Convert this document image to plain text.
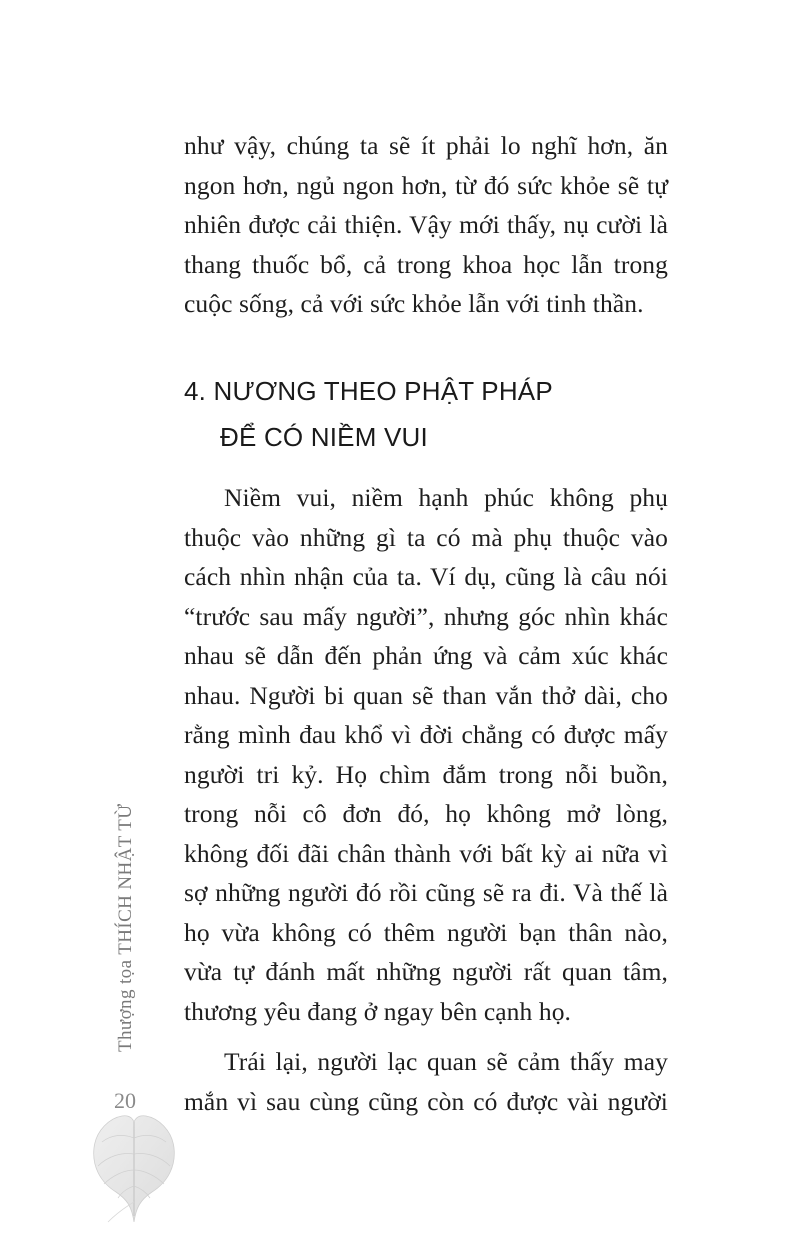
như vậy, chúng ta sẽ ít phải lo nghĩ hơn, ăn
ngon hơn, ngủ ngon hơn, từ đó sức khỏe sẽ tự
nhiên được cải thiện. Vậy mới thấy, nụ cười là
thang thuốc bổ, cả trong khoa học lẫn trong
cuộc sống, cả với sức khỏe lẫn với tinh thần.
4. NƯƠNG THEO PHẬT PHÁP
ĐỂ CÓ NIỀM VUI
Niềm vui, niềm hạnh phúc không phụ
thuộc vào những gì ta có mà phụ thuộc vào
cách nhìn nhận của ta. Ví dụ, cũng là câu nói
“trước sau mấy người”, nhưng góc nhìn khác
nhau sẽ dẫn đến phản ứng và cảm xúc khác
nhau. Người bi quan sẽ than vắn thở dài, cho
rằng mình đau khổ vì đời chẳng có được mấy
người tri kỷ. Họ chìm đắm trong nỗi buồn,
trong nỗi cô đơn đó, họ không mở lòng,
không đối đãi chân thành với bất kỳ ai nữa vì
sợ những người đó rồi cũng sẽ ra đi. Và thế là
họ vừa không có thêm người bạn thân nào,
vừa tự đánh mất những người rất quan tâm,
thương yêu đang ở ngay bên cạnh họ.
Trái lại, người lạc quan sẽ cảm thấy may
mắn vì sau cùng cũng còn có được vài người
Thượng tọa THÍCH NHẬT TỪ
20
